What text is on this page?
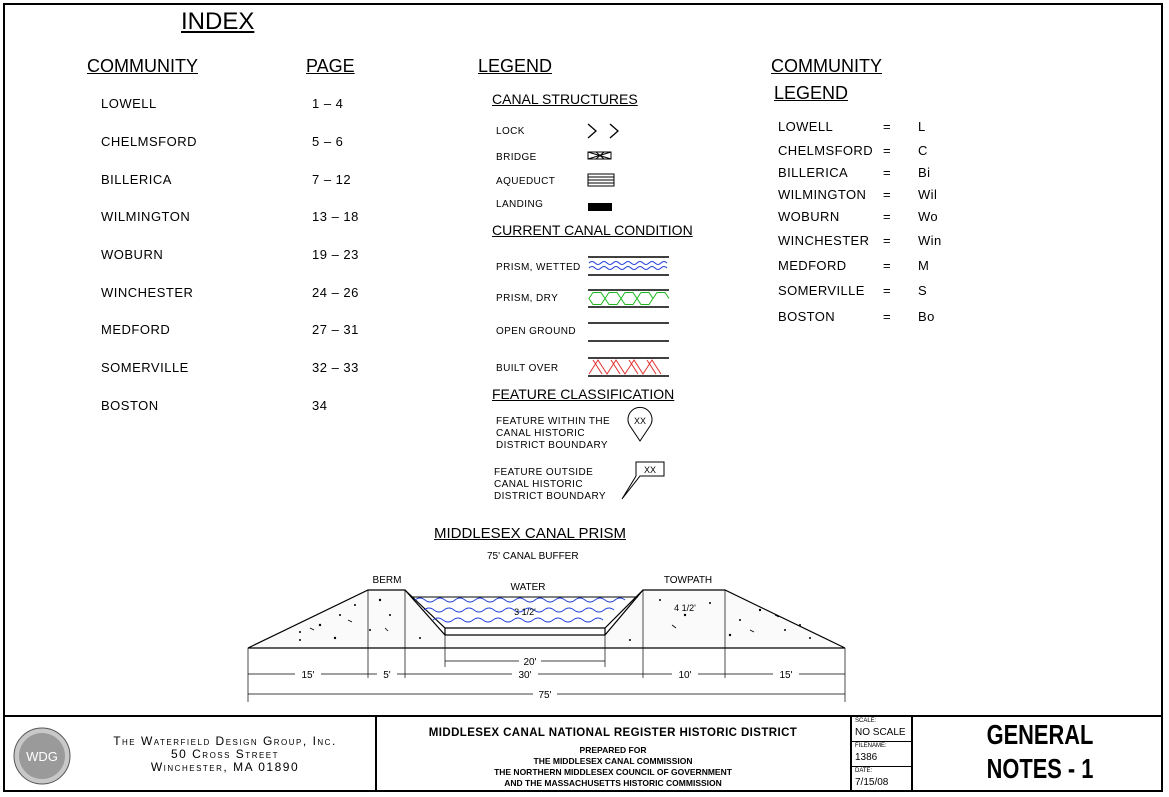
INDEX
COMMUNITY	PAGE
LOWELL	1 – 4
CHELMSFORD	5 – 6
BILLERICA	7 – 12
WILMINGTON	13 – 18
WOBURN	19 – 23
WINCHESTER	24 – 26
MEDFORD	27 – 31
SOMERVILLE	32 – 33
BOSTON	34
LEGEND
CANAL STRUCTURES
LOCK
BRIDGE
AQUEDUCT
LANDING
CURRENT CANAL CONDITION
PRISM, WETTED
PRISM, DRY
OPEN GROUND
BUILT OVER
FEATURE CLASSIFICATION
FEATURE WITHIN THE
CANAL HISTORIC
DISTRICT BOUNDARY
FEATURE OUTSIDE
CANAL HISTORIC
DISTRICT BOUNDARY
XX
XX
COMMUNITY
LEGEND
LOWELL	= L
CHELMSFORD = C
BILLERICA	= Bi
WILMINGTON = Wil
WOBURN	= Wo
WINCHESTER = Win
MEDFORD	= M
SOMERVILLE = S
BOSTON	= Bo
MIDDLESEX CANAL PRISM
75' CANAL BUFFER
BERM
WATER
TOWPATH
3 1/2'	4 1/2'
20'
15'	5'	30'	10'	15'
75'
WDG
The Waterfield Design Group, Inc.
50 Cross Street
Winchester, MA 01890
MIDDLESEX CANAL NATIONAL REGISTER HISTORIC DISTRICT
PREPARED FOR
THE MIDDLESEX CANAL COMMISSION
THE NORTHERN MIDDLESEX COUNCIL OF GOVERNMENT
AND THE MASSACHUSETTS HISTORIC COMMISSION
SCALE:
NO SCALE
FILENAME:
1386
DATE:
7/15/08
GENERAL
NOTES - 1
